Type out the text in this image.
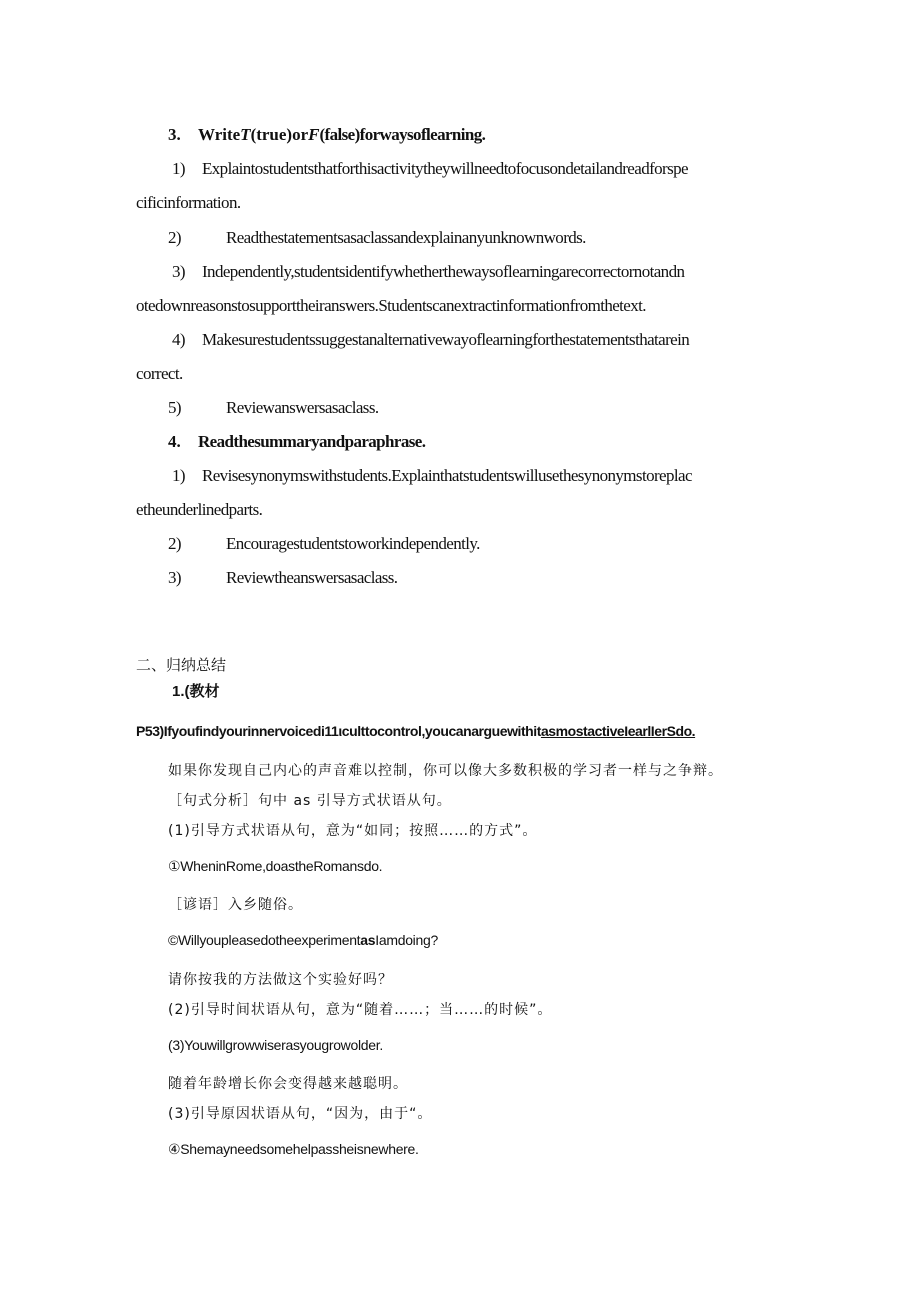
3. WriteT(true)orF(false)forwaysoflearning.
1) Explaintostudentsthatforthisactivitytheywillneedtofocusondetailandreadforspe
cificinformation.
2)	Readthestatementsasaclassandexplainanyunknownwords.
3) Independently,studentsidentifywhetherthewaysoflearningarecorrectornotandn
otedownreasonstosupporttheiranswers.Studentscanextractinformationfromthetext.
4) Makesurestudentssuggestanalternativewayoflearningforthestatementsthatarein
correct.
5)	Reviewanswersasaclass.
4. Readthesummaryandparaphrase.
1) Revisesynonymswithstudents.Explainthatstudentswillusethesynonymstoreplac
etheunderlinedparts.
2)	Encouragestudentstoworkindependently.
3)	Reviewtheanswersasaclass.
二、归纳总结
1.(教材
P53)Ifyoufindyourinnervoicedi11ιculttocontrol,youcanarguewithitasmostactiveIearlIerSdo.
如果你发现自己内心的声音难以控制，你可以像大多数积极的学习者一样与之争辩。
［句式分析］句中 as 引导方式状语从句。
(1)引导方式状语从句，意为“如同；按照……的方式”。
①WheninRome,doastheRomansdo.
［谚语］入乡随俗。
©WillyoupleasedotheexperimentasIamdoing?
请你按我的方法做这个实验好吗？
(2)引导时间状语从句，意为“随着……；当……的时候”。
(3)Youwillgrowwiserasyougrowolder.
随着年龄增长你会变得越来越聪明。
(3)引导原因状语从句，“因为，由于“。
④Shemayneedsomehelpassheisnewhere.
